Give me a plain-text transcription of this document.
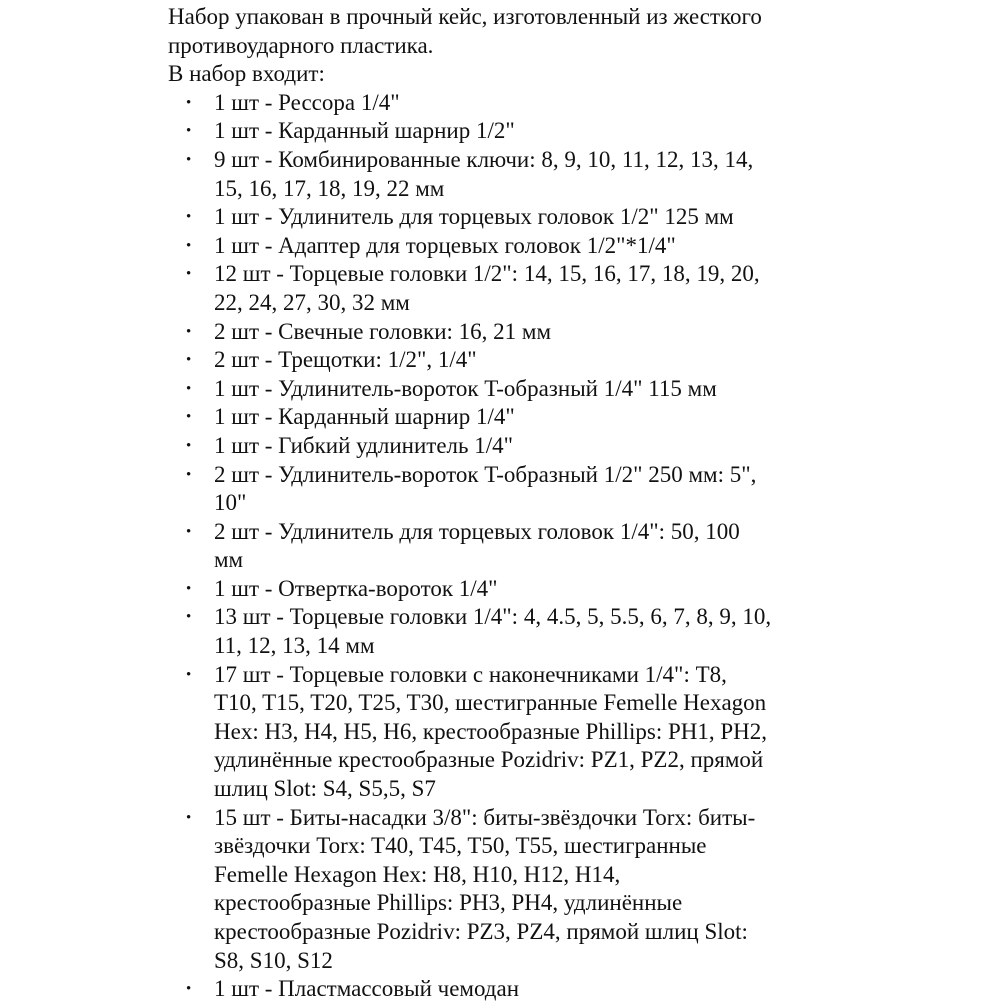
Набор упакован в прочный кейс, изготовленный из жесткого

противоударного пластика.

В набор входит:

• 1 шт - Рессора 1/4"
• 1 шт - Карданный шарнир 1/2"
• 9 шт - Комбинированные ключи: 8, 9, 10, 11, 12, 13, 14,
15, 16, 17, 18, 19, 22 мм
• 1 шт - Удлинитель для торцевых головок 1/2" 125 мм
• 1 шт - Адаптер для торцевых головок 1/2"*1/4"
• 12 шт - Торцевые головки 1/2": 14, 15, 16, 17, 18, 19, 20,
22, 24, 27, 30, 32 мм
• 2 шт - Свечные головки: 16, 21 мм
• 2 шт - Трещотки: 1/2", 1/4"
• 1 шт - Удлинитель-вороток T-образный 1/4" 115 мм
• 1 шт - Карданный шарнир 1/4"
• 1 шт - Гибкий удлинитель 1/4"
• 2 шт - Удлинитель-вороток T-образный 1/2" 250 мм: 5",
10"
• 2 шт - Удлинитель для торцевых головок 1/4": 50, 100
мм
• 1 шт - Отвертка-вороток 1/4"
• 13 шт - Торцевые головки 1/4": 4, 4.5, 5, 5.5, 6, 7, 8, 9, 10,
11, 12, 13, 14 мм
• 17 шт - Торцевые головки с наконечниками 1/4": T8,
T10, T15, T20, T25, T30, шестигранные Femelle Hexagon
Hex: H3, H4, H5, H6, крестообразные Phillips: PH1, PH2,
удлинённые крестообразные Pozidriv: PZ1, PZ2, прямой
шлиц Slot: S4, S5,5, S7
• 15 шт - Биты-насадки 3/8": биты-звёздочки Torx: биты-
звёздочки Torx: T40, T45, T50, T55, шестигранные
Femelle Hexagon Hex: H8, H10, H12, H14,
крестообразные Phillips: PH3, PH4, удлинённые
крестообразные Pozidriv: PZ3, PZ4, прямой шлиц Slot:
S8, S10, S12
• 1 шт - Пластмассовый чемодан
